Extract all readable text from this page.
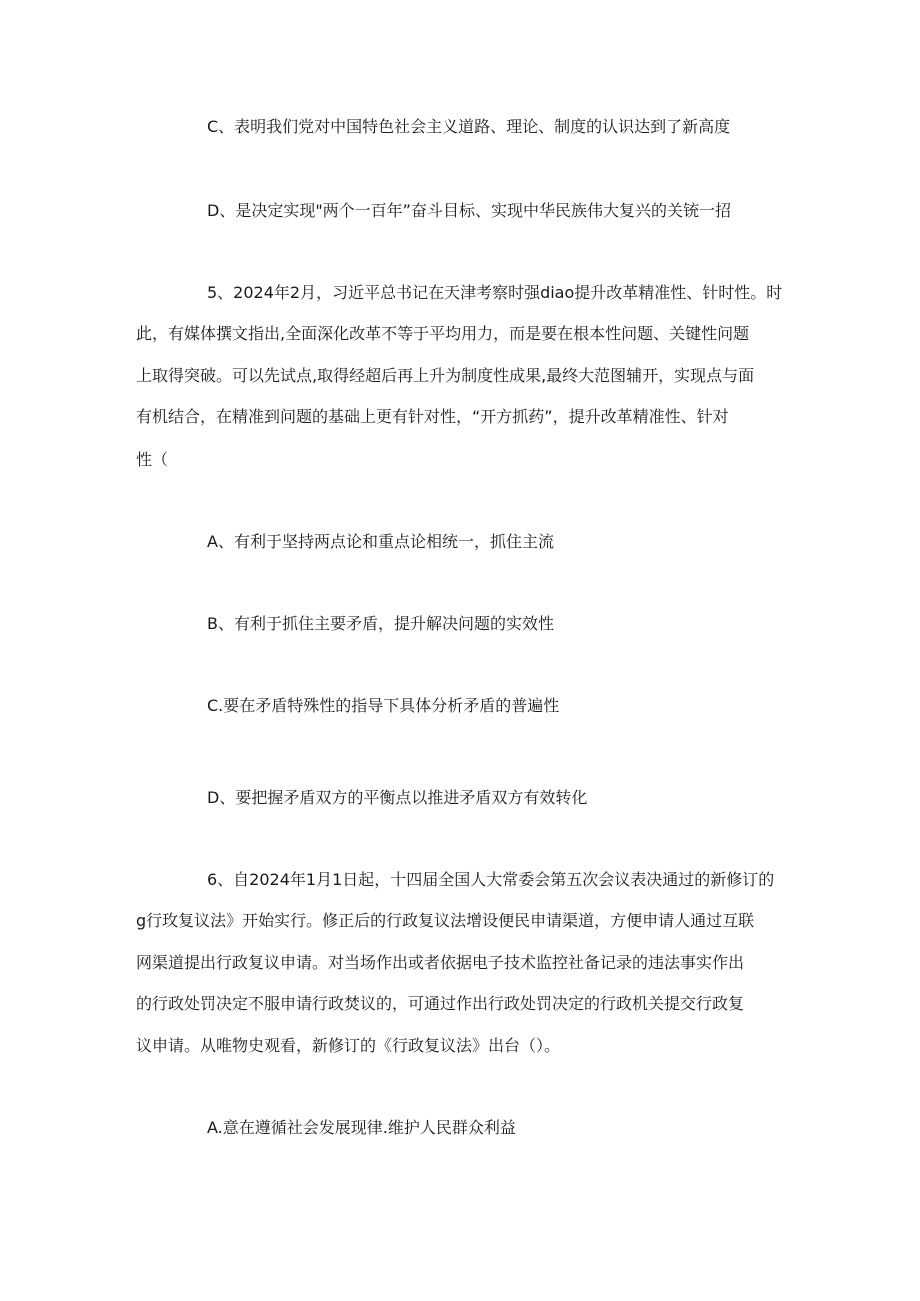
C、表明我们党对中国特色社会主义道路、理论、制度的认识达到了新高度
D、是决定实现"两个一百年”奋斗目标、实现中华民族伟大复兴的关铳一招
5、2024年2月，习近平总书记在天津考察时强diao提升改革精准性、针时性。时
此，有媒体撰文指出,全面深化改革不等于平均用力，而是要在根本性问题、关键性问题
上取得突破。可以先试点,取得经超后再上升为制度性成果,最终大范图辅开，实现点与面
有机结合，在精准到问题的基础上更有针对性，“开方抓药”，提升改革精准性、针对
性（
A、有利于坚持两点论和重点论相统一，抓住主流
B、有利于抓住主要矛盾，提升解决问题的实效性
C.要在矛盾特殊性的指导下具体分析矛盾的普遍性
D、要把握矛盾双方的平衡点以推进矛盾双方有效转化
6、自2024年1月1日起，十四届全国人大常委会第五次会议表决通过的新修订的
g行玫复议法》开始实行。修正后的行政复议法增设便民申请渠道，方便申请人通过互联
网渠道提出行政复议申请。对当场作出或者依据电子技术监控社备记录的违法事实作出
的行政处罚决定不服申请行政焚议的，可通过作出行政处罚决定的行政机关提交行政复
议申请。从唯物史观看，新修订的《行政复议法》出台（）。
A.意在遵循社会发展现律.维护人民群众利益
